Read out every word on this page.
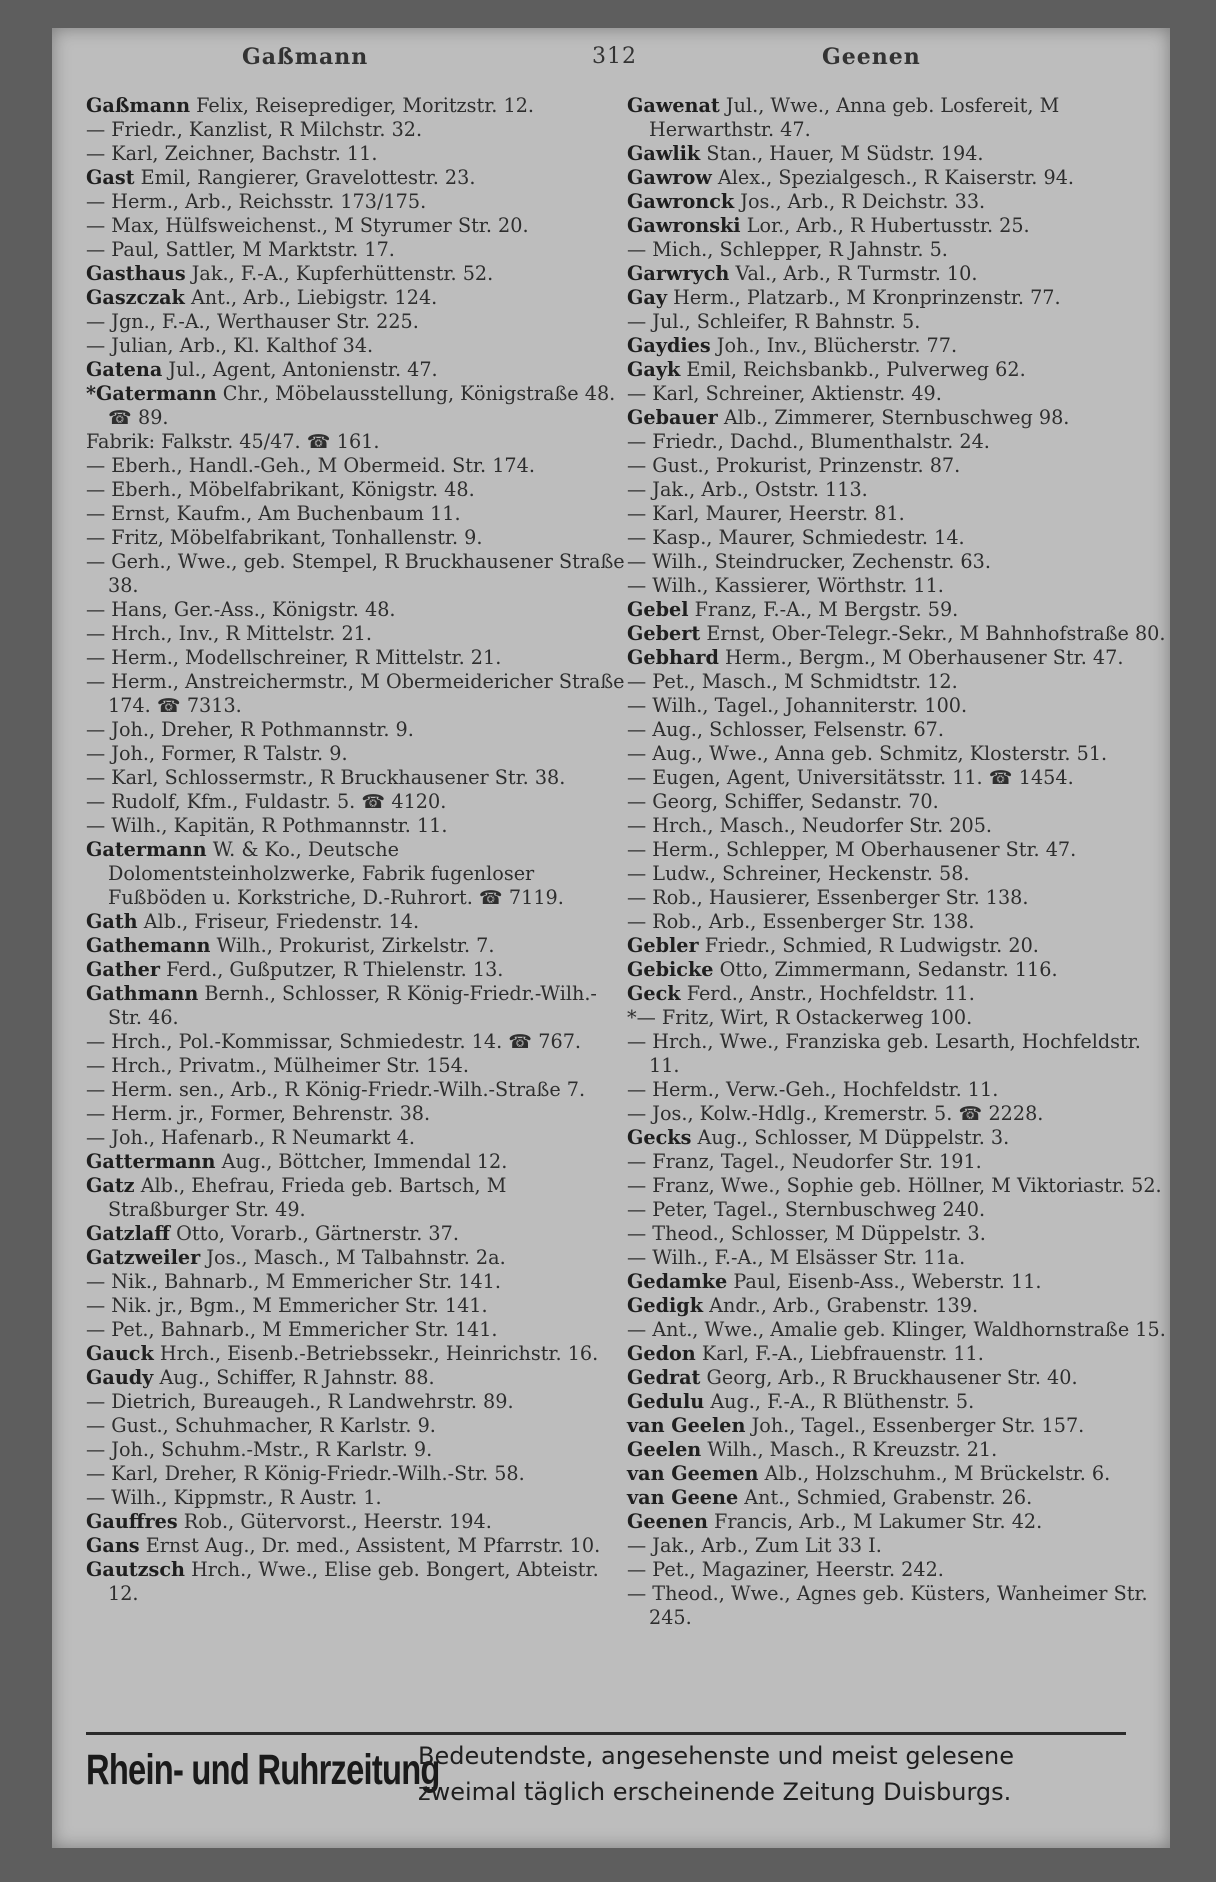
Gaßmann	312	Geenen

Gaßmann Felix, Reiseprediger, Moritzstr. 12.

— Friedr., Kanzlist, R Milchstr. 32.

— Karl, Zeichner, Bachstr. 11.

Gast Emil, Rangierer, Gravelottestr. 23.

— Herm., Arb., Reichsstr. 173/175.

— Max, Hülfsweichenst., M Styrumer Str. 20.

— Paul, Sattler, M Marktstr. 17.

Gasthaus Jak., F.-A., Kupferhüttenstr. 52.

Gaszczak Ant., Arb., Liebigstr. 124.

— Jgn., F.-A., Werthauser Str. 225.

— Julian, Arb., Kl. Kalthof 34.

Gatena Jul., Agent, Antonienstr. 47.

*Gatermann Chr., Möbelausstellung, Königstraße 48. ☎ 89.

Fabrik: Falkstr. 45/47. ☎ 161.

— Eberh., Handl.-Geh., M Obermeid. Str. 174.

— Eberh., Möbelfabrikant, Königstr. 48.

— Ernst, Kaufm., Am Buchenbaum 11.

— Fritz, Möbelfabrikant, Tonhallenstr. 9.

— Gerh., Wwe., geb. Stempel, R Bruckhausener Straße 38.

— Hans, Ger.-Ass., Königstr. 48.

— Hrch., Inv., R Mittelstr. 21.

— Herm., Modellschreiner, R Mittelstr. 21.

— Herm., Anstreichermstr., M Obermeidericher Straße 174. ☎ 7313.

— Joh., Dreher, R Pothmannstr. 9.

— Joh., Former, R Talstr. 9.

— Karl, Schlossermstr., R Bruckhausener Str. 38.

— Rudolf, Kfm., Fuldastr. 5. ☎ 4120.

— Wilh., Kapitän, R Pothmannstr. 11.

Gatermann W. & Ko., Deutsche Dolomentsteinholzwerke, Fabrik fugenloser Fußböden u. Korkstriche, D.-Ruhrort. ☎ 7119.

Gath Alb., Friseur, Friedenstr. 14.

Gathemann Wilh., Prokurist, Zirkelstr. 7.

Gather Ferd., Gußputzer, R Thielenstr. 13.

Gathmann Bernh., Schlosser, R König-Friedr.-Wilh.-Str. 46.

— Hrch., Pol.-Kommissar, Schmiedestr. 14. ☎ 767.

— Hrch., Privatm., Mülheimer Str. 154.

— Herm. sen., Arb., R König-Friedr.-Wilh.-Straße 7.

— Herm. jr., Former, Behrenstr. 38.

— Joh., Hafenarb., R Neumarkt 4.

Gattermann Aug., Böttcher, Immendal 12.

Gatz Alb., Ehefrau, Frieda geb. Bartsch, M Straßburger Str. 49.

Gatzlaff Otto, Vorarb., Gärtnerstr. 37.

Gatzweiler Jos., Masch., M Talbahnstr. 2a.

— Nik., Bahnarb., M Emmericher Str. 141.

— Nik. jr., Bgm., M Emmericher Str. 141.

— Pet., Bahnarb., M Emmericher Str. 141.

Gauck Hrch., Eisenb.-Betriebssekr., Heinrichstr. 16.

Gaudy Aug., Schiffer, R Jahnstr. 88.

— Dietrich, Bureaugeh., R Landwehrstr. 89.

— Gust., Schuhmacher, R Karlstr. 9.

— Joh., Schuhm.-Mstr., R Karlstr. 9.

— Karl, Dreher, R König-Friedr.-Wilh.-Str. 58.

— Wilh., Kippmstr., R Austr. 1.

Gauffres Rob., Gütervorst., Heerstr. 194.

Gans Ernst Aug., Dr. med., Assistent, M Pfarrstr. 10.

Gautzsch Hrch., Wwe., Elise geb. Bongert, Abteistr. 12.

Gawenat Jul., Wwe., Anna geb. Losfereit, M Herwarthstr. 47.

Gawlik Stan., Hauer, M Südstr. 194.

Gawrow Alex., Spezialgesch., R Kaiserstr. 94.

Gawronck Jos., Arb., R Deichstr. 33.

Gawronski Lor., Arb., R Hubertusstr. 25.

— Mich., Schlepper, R Jahnstr. 5.

Garwrych Val., Arb., R Turmstr. 10.

Gay Herm., Platzarb., M Kronprinzenstr. 77.

— Jul., Schleifer, R Bahnstr. 5.

Gaydies Joh., Inv., Blücherstr. 77.

Gayk Emil, Reichsbankb., Pulverweg 62.

— Karl, Schreiner, Aktienstr. 49.

Gebauer Alb., Zimmerer, Sternbuschweg 98.

— Friedr., Dachd., Blumenthalstr. 24.

— Gust., Prokurist, Prinzenstr. 87.

— Jak., Arb., Oststr. 113.

— Karl, Maurer, Heerstr. 81.

— Kasp., Maurer, Schmiedestr. 14.

— Wilh., Steindrucker, Zechenstr. 63.

— Wilh., Kassierer, Wörthstr. 11.

Gebel Franz, F.-A., M Bergstr. 59.

Gebert Ernst, Ober-Telegr.-Sekr., M Bahnhofstraße 80.

Gebhard Herm., Bergm., M Oberhausener Str. 47.

— Pet., Masch., M Schmidtstr. 12.

— Wilh., Tagel., Johanniterstr. 100.

— Aug., Schlosser, Felsenstr. 67.

— Aug., Wwe., Anna geb. Schmitz, Klosterstr. 51.

— Eugen, Agent, Universitätsstr. 11. ☎ 1454.

— Georg, Schiffer, Sedanstr. 70.

— Hrch., Masch., Neudorfer Str. 205.

— Herm., Schlepper, M Oberhausener Str. 47.

— Ludw., Schreiner, Heckenstr. 58.

— Rob., Hausierer, Essenberger Str. 138.

— Rob., Arb., Essenberger Str. 138.

Gebler Friedr., Schmied, R Ludwigstr. 20.

Gebicke Otto, Zimmermann, Sedanstr. 116.

Geck Ferd., Anstr., Hochfeldstr. 11.

*— Fritz, Wirt, R Ostackerweg 100.

— Hrch., Wwe., Franziska geb. Lesarth, Hochfeldstr. 11.

— Herm., Verw.-Geh., Hochfeldstr. 11.

— Jos., Kolw.-Hdlg., Kremerstr. 5. ☎ 2228.

Gecks Aug., Schlosser, M Düppelstr. 3.

— Franz, Tagel., Neudorfer Str. 191.

— Franz, Wwe., Sophie geb. Höllner, M Viktoriastr. 52.

— Peter, Tagel., Sternbuschweg 240.

— Theod., Schlosser, M Düppelstr. 3.

— Wilh., F.-A., M Elsässer Str. 11a.

Gedamke Paul, Eisenb-Ass., Weberstr. 11.

Gedigk Andr., Arb., Grabenstr. 139.

— Ant., Wwe., Amalie geb. Klinger, Waldhornstraße 15.

Gedon Karl, F.-A., Liebfrauenstr. 11.

Gedrat Georg, Arb., R Bruckhausener Str. 40.

Gedulu Aug., F.-A., R Blüthenstr. 5.

van Geelen Joh., Tagel., Essenberger Str. 157.

Geelen Wilh., Masch., R Kreuzstr. 21.

van Geemen Alb., Holzschuhm., M Brückelstr. 6.

van Geene Ant., Schmied, Grabenstr. 26.

Geenen Francis, Arb., M Lakumer Str. 42.

— Jak., Arb., Zum Lit 33 I.

— Pet., Magaziner, Heerstr. 242.

— Theod., Wwe., Agnes geb. Küsters, Wanheimer Str. 245.

Rhein- und Ruhrzeitung
Bedeutendste, angesehenste und meist gelesene
zweimal täglich erscheinende Zeitung Duisburgs.
